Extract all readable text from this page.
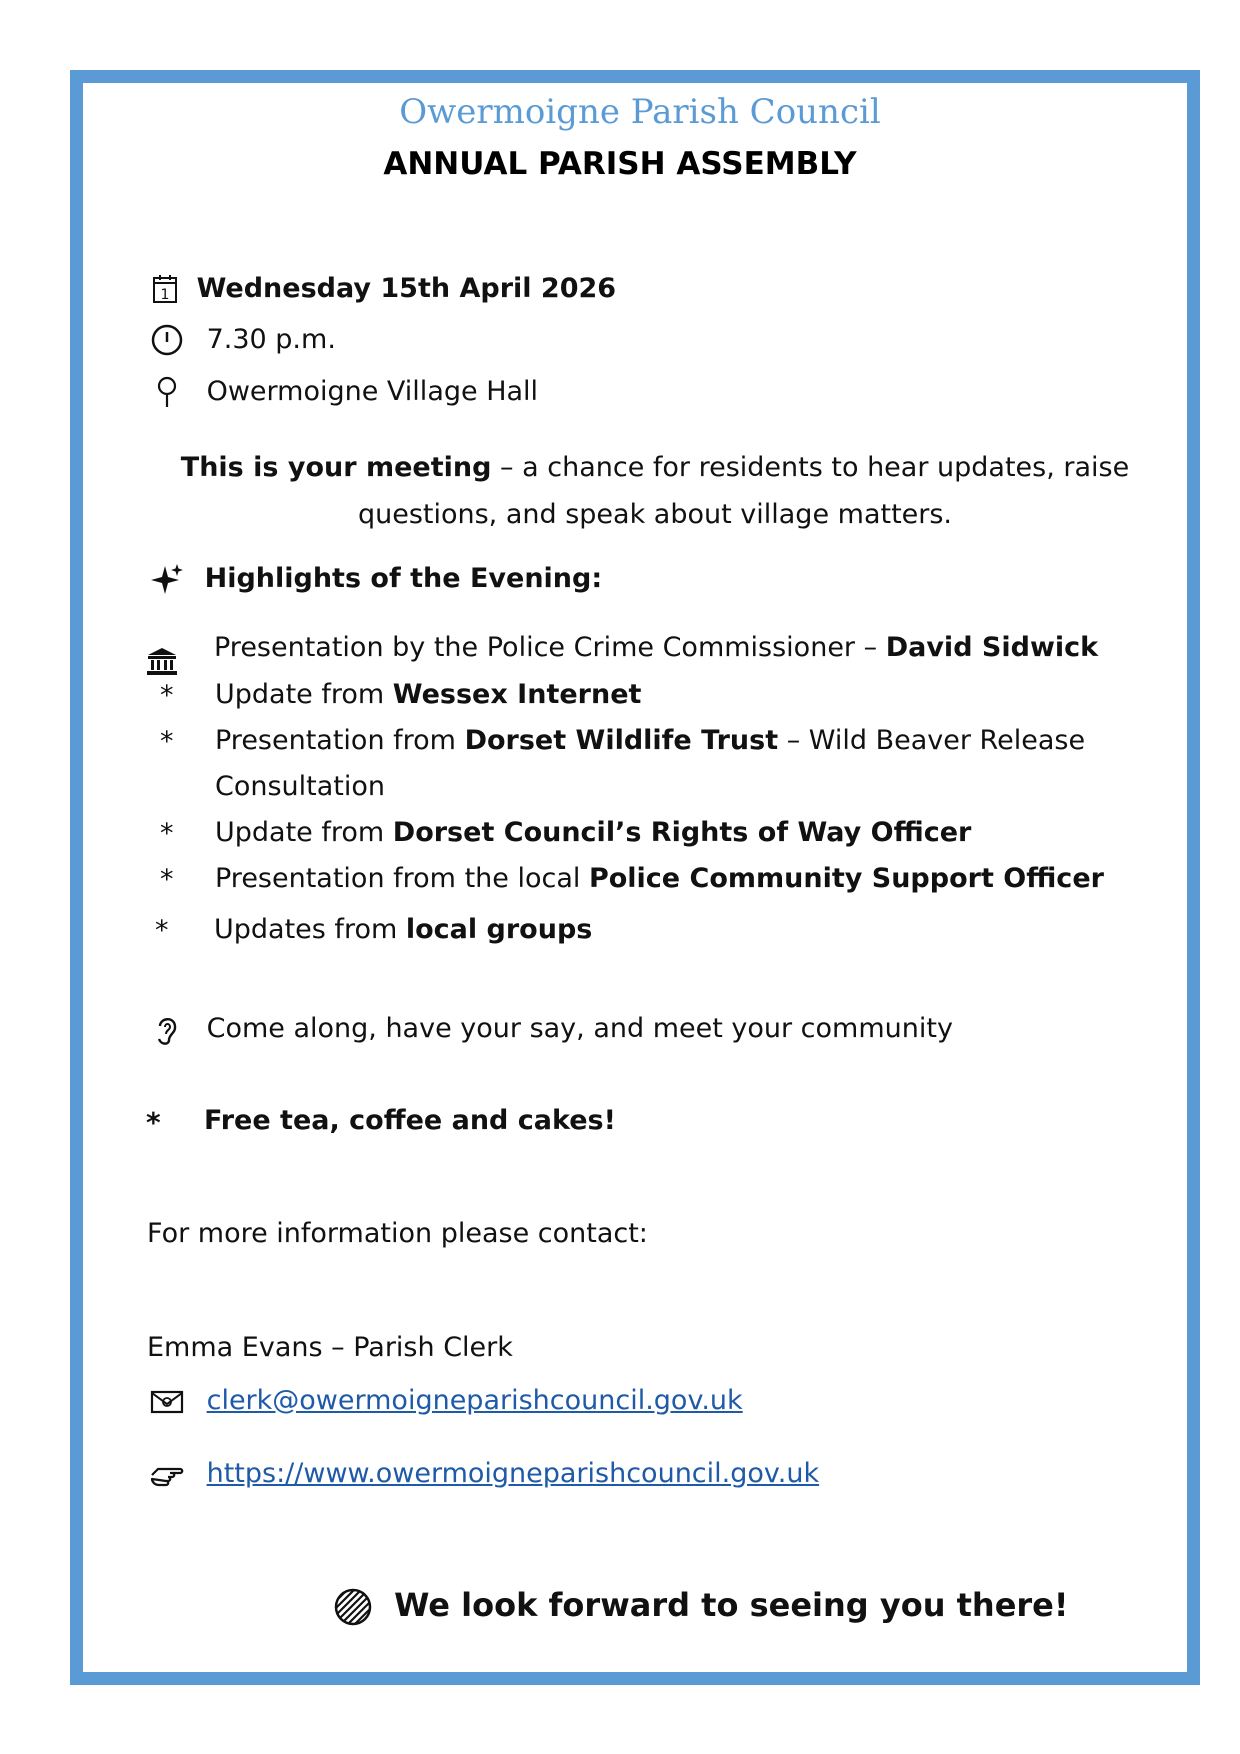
Owermoigne Parish Council
ANNUAL PARISH ASSEMBLY
1 Wednesday 15th April 2026
7.30 p.m.
Owermoigne Village Hall
This is your meeting – a chance for residents to hear updates, raise questions, and speak about village matters.
Highlights of the Evening:
Presentation by the Police Crime Commissioner – David Sidwick
* Update from Wessex Internet
* Presentation from Dorset Wildlife Trust – Wild Beaver Release
Consultation
* Update from Dorset Council’s Rights of Way Officer
* Presentation from the local Police Community Support Officer
* Updates from local groups
Come along, have your say, and meet your community
* Free tea, coffee and cakes!
For more information please contact:
Emma Evans – Parish Clerk
clerk@owermoigneparishcouncil.gov.uk
https://www.owermoigneparishcouncil.gov.uk
We look forward to seeing you there!
